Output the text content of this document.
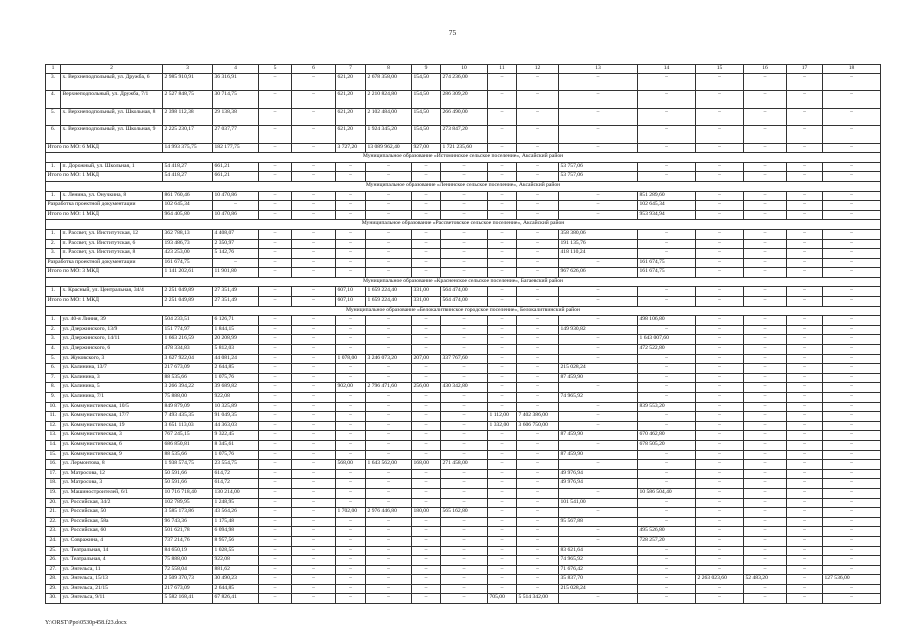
75
1	2	3	4	5	6	7	8	9	10	11	12	13	14	15	16	17	18
3.	х. Верхнеподпольный, ул. Дружба, 6	2 985 910,91	36 316,91	–	–	621,20	2 678 358,00	154,50	274 236,00	–	–	–	–	–	–	–	–
4.	Верхнеподпольный, ул. Дружба, 7/1	2 527 848,75	30 714,75	–	–	621,20	2 210 824,80	154,50	286 309,20	–	–	–	–	–	–	–	–
5.	х. Верхнеподпольный, ул. Школьная, 8	2 398 112,38	29 138,38	–	–	621,20	2 102 484,00	154,50	266 490,00	–	–	–	–	–	–	–	–
6.	х. Верхнеподпольный, ул. Школьная, 9	2 225 230,17	27 037,77	–	–	621,20	1 924 345,20	154,50	273 847,20	–	–	–	–	–	–	–	–
Итого по МО: 6 МКД		14 993 375,75	182 177,75	–	–	3 727,20	13 089 962,40	927,00	1 721 235,60	–	–	–	–	–	–	–	–
Муниципальное образование «Истоминское сельское поселение», Аксайский район																	
1.	п. Дорожный, ул. Школьная, 1	54 418,27	661,21	–	–	–	–	–	–	–	–	53 757,06	–	–	–	–	–
Итого по МО: 1 МКД		54 418,27	661,21	–	–	–	–	–	–	–	–	53 757,06	–	–	–	–	–
Муниципальное образование «Ленинское сельское поселение», Аксайский район																	
1.	х. Ленина, ул. Онучкина, 8	861 760,46	10 470,86	–	–	–	–	–	–	–	–	–	851 289,60	–	–	–	–
Разработка проектной документации		102 645,34	–	–	–	–	–	–	–	–	–	–	102 645,34	–	–	–	–
Итого по МО: 1 МКД		964 405,80	10 470,86	–	–	–	–	–	–	–	–	–	953 934,94	–	–	–	–
Муниципальное образование «Рассветовское сельское поселение», Аксайский район																	
1.	п. Рассвет, ул. Институтская, 12	362 788,13	4 408,07	–	–	–	–	–	–	–	–	358 380,06	–	–	–	–	–
2.	п. Рассвет, ул. Институтская, 6	193 486,73	2 350,97	–	–	–	–	–	–	–	–	191 135,76	–	–	–	–	–
3.	п. Рассвет, ул. Институтская, 8	423 253,00	5 142,76	–	–	–	–	–	–	–	–	418 110,24	–	–	–	–	–
Разработка проектной документации		161 674,75	–	–	–	–	–	–	–	–	–	–	161 674,75	–	–	–	–
Итого по МО: 3 МКД		1 141 202,61	11 901,80	–	–	–	–	–	–	–	–	967 626,06	161 674,75	–	–	–	–
Муниципальное образование «Красненское сельское поселение», Багаевский район																	
1.	х. Красный, ул. Центральная, 34/4	2 251 049,89	27 351,49	–	–	607,10	1 659 224,40	331,00	564 474,00	–	–	–	–	–	–	–	–
Итого по МО: 1 МКД		2 251 049,89	27 351,49	–	–	607,10	1 659 224,40	331,00	564 474,00	–	–	–	–	–	–	–	–
Муниципальное образование «Белокалитвинское городское поселение», Белокалитвинский район																	
1.	ул. 40-я Линия, 39	504 233,51	6 126,71	–	–	–	–	–	–	–	–	–	498 106,80	–	–	–	–
2.	ул. Дзержинского, 13/9	151 774,97	1 844,15	–	–	–	–	–	–	–	–	149 930,82	–	–	–	–	–
3.	ул. Дзержинского, 14/11	1 663 216,59	20 208,99	–	–	–	–	–	–	–	–	–	1 643 007,60	–	–	–	–
4.	ул. Дзержинского, 6	478 334,83	5 812,03	–	–	–	–	–	–	–	–	–	472 522,80	–	–	–	–
5.	ул. Жуковского, 3	3 627 922,04	44 081,24	–	–	1 078,00	3 246 073,20	207,00	337 767,60	–	–	–	–	–	–	–	–
6.	ул. Калинина, 13/7	217 673,09	2 644,85	–	–	–	–	–	–	–	–	215 028,24	–	–	–	–	–
7.	ул. Калинина, 3	88 535,66	1 075,76	–	–	–	–	–	–	–	–	87 459,90	–	–	–	–	–
8.	ул. Калинина, 5	3 266 394,22	39 689,82	–	–	902,00	2 796 471,60	256,00	430 342,80	–	–	–	–	–	–	–	–
9.	ул. Калинина, 7/1	75 888,00	922,08	–	–	–	–	–	–	–	–	74 965,92	–	–	–	–	–
10.	ул. Коммунистическая, 10/5	849 879,09	10 325,89	–	–	–	–	–	–	–	–	–	839 553,20	–	–	–	–
11.	ул. Коммунистическая, 17/7	7 493 435,35	91 049,35	–	–	–	–	–	–	1 112,00	7 402 386,00	–	–	–	–	–	–
12.	ул. Коммунистическая, 19	3 651 113,03	44 363,03	–	–	–	–	–	–	1 332,00	3 606 750,00	–	–	–	–	–	–
13.	ул. Коммунистическая, 3	767 245,15	9 322,45	–	–	–	–	–	–	–	–	87 459,90	670 462,80	–	–	–	–
14.	ул. Коммунистическая, 6	686 850,81	8 345,61	–	–	–	–	–	–	–	–	–	678 505,20	–	–	–	–
15.	ул. Коммунистическая, 9	88 535,66	1 075,76	–	–	–	–	–	–	–	–	87 459,90	–	–	–	–	–
16.	ул. Лермонтова, 8	1 938 574,75	23 554,75	–	–	568,00	1 643 562,00	168,00	271 458,00	–	–	–	–	–	–	–	–
17.	ул. Матросова, 12	50 591,66	614,72	–	–	–	–	–	–	–	–	49 976,94	–	–	–	–	–
18.	ул. Матросова, 3	50 591,66	614,72	–	–	–	–	–	–	–	–	49 976,94	–	–	–	–	–
19.	ул. Машиностроителей, 6/1	10 716 718,40	130 214,00	–	–	–	–	–	–	–	–	–	10 586 504,40	–	–	–	–
20.	ул. Российская, 34/2	102 789,95	1 248,95	–	–	–	–	–	–	–	–	101 541,00	–	–	–	–	–
21.	ул. Российская, 50	3 585 173,86	43 564,26	–	–	1 702,00	2 976 446,80	180,00	565 162,80	–	–	–	–	–	–	–	–
22.	ул. Российская, 58а	96 743,36	1 175,48	–	–	–	–	–	–	–	–	95 567,88	–	–	–	–	–
23.	ул. Российская, 60	501 621,78	6 094,98	–	–	–	–	–	–	–	–	–	495 526,80	–	–	–	–
24.	ул. Совражина, 4	737 214,76	8 957,56	–	–	–	–	–	–	–	–	–	728 257,20	–	–	–	–
25.	ул. Театральная, 14	84 650,19	1 028,55	–	–	–	–	–	–	–	–	83 621,64	–	–	–	–	–
26.	ул. Театральная, 4	75 888,00	922,08	–	–	–	–	–	–	–	–	74 965,92	–	–	–	–	–
27.	ул. Энгельса, 11	72 558,04	881,62	–	–	–	–	–	–	–	–	71 676,42	–	–	–	–	–
28.	ул. Энгельса, 15/13	2 509 370,73	30 490,23	–	–	–	–	–	–	–	–	35 837,70	–	2 263 023,60	52 483,20	–	127 536,00
29.	ул. Энгельса, 21/15	217 673,09	2 644,85	–	–	–	–	–	–	–	–	215 028,24	–	–	–	–	–
30.	ул. Энгельса, 9/11	5 582 168,41	67 826,41	–	–	–	–	–	–	705,00	5 514 342,00	–	–	–	–	–	–
Y:\ORST\Ppo\0530p458.f23.docx
